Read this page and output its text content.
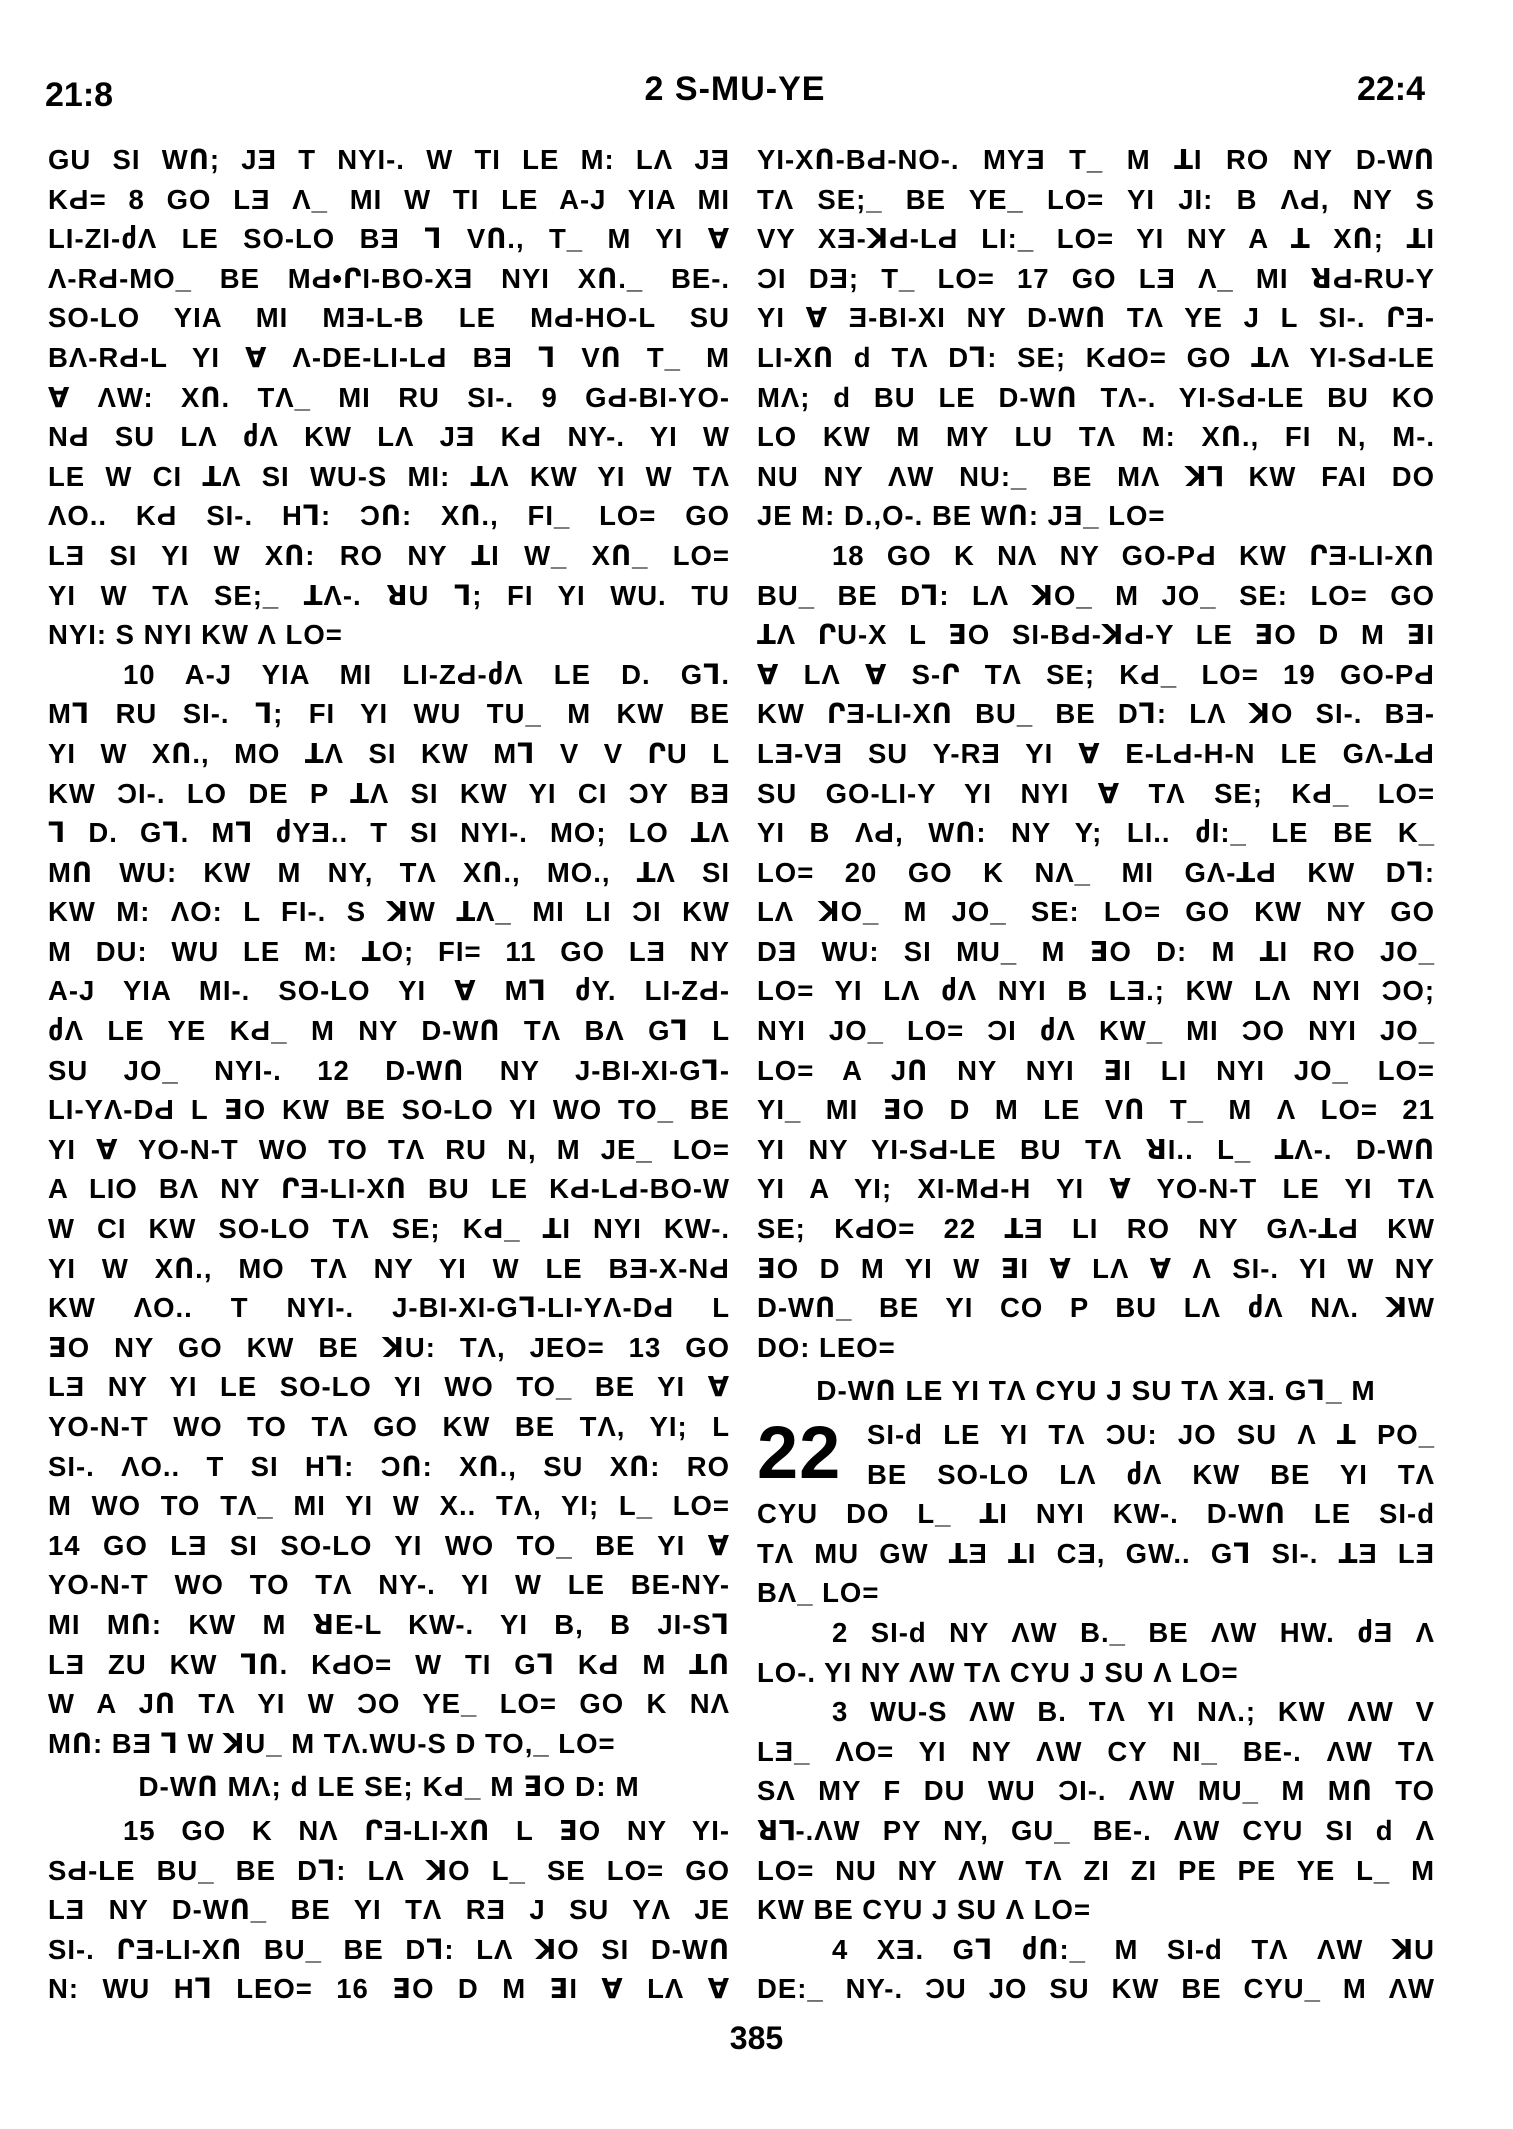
21:8	2 S-MU-YE	22:4
GU SI WՈ; JƎ T NYI-. W TI LE M: LɅ JƎ
KԀ= 8 GO LƎ Ʌ_ MI W TI LE A-J YIA MI
LI-ZI-ძɅ LE SO-LO BƎ ᒣ VՈ., T_ M YI Ɐ
Ʌ-RԀ-MO_ BE MԀ•ՐI-BO-XƎ NYI XՈ._ BE-.
SO-LO YIA MI MƎ-L-B LE MԀ-HO-L SU
BɅ-RԀ-L YI Ɐ Ʌ-DE-LI-LԀ BƎ ᒣ VՈ T_ M
Ɐ ɅW: XՈ. TɅ_ MI RU SI-. 9 GԀ-BI-YO-
NԀ SU LɅ ძɅ KW LɅ JƎ KԀ NY-. YI W
LE W CI ꓕɅ SI WU-S MI: ꓕɅ KW YI W TɅ
ɅO.. KԀ SI-. Hᒣ: ϽՈ: XՈ., FI_ LO= GO
LƎ SI YI W XՈ: RO NY ꓕI W_ XՈ_ LO=
YI W TɅ SE;_ ꓕɅ-. ꓤU ᒣ; FI YI WU. TU
NYI: S NYI KW Ʌ LO=
10 A-J YIA MI LI-ZԀ-ძɅ LE D. Gᒣ.
Mᒣ RU SI-. ᒣ; FI YI WU TU_ M KW BE
YI W XՈ., MO ꓕɅ SI KW Mᒣ V V ՐU L
KW ϽI-. LO DE P ꓕɅ SI KW YI CI ϽY BƎ
ᒣ D. Gᒣ. Mᒣ ძYƎ.. T SI NYI-. MO; LO ꓕɅ
MՈ WU: KW M NY, TɅ XՈ., MO., ꓕɅ SI
KW M: ɅO: L FI-. S ꓘW ꓕɅ_ MI LI ϽI KW
M DU: WU LE M: ꓕO; FI= 11 GO LƎ NY
A-J YIA MI-. SO-LO YI Ɐ Mᒣ ძY. LI-ZԀ-
ძɅ LE YE KԀ_ M NY D-WՈ TɅ BɅ Gᒣ L
SU JO_ NYI-. 12 D-WՈ NY J-BI-XI-Gᒣ-
LI-YɅ-DԀ L ꓱO KW BE SO-LO YI WO TO_ BE
YI Ɐ YO-N-T WO TO TɅ RU N, M JE_ LO=
A LIO BɅ NY ՐƎ-LI-XՈ BU LE KԀ-LԀ-BO-W
W CI KW SO-LO TɅ SE; KԀ_ ꓕI NYI KW-.
YI W XՈ., MO TɅ NY YI W LE BƎ-X-NԀ
KW ɅO.. T NYI-. J-BI-XI-Gᒣ-LI-YɅ-DԀ L
ꓱO NY GO KW BE ꓘU: TɅ, JEO= 13 GO
LƎ NY YI LE SO-LO YI WO TO_ BE YI Ɐ
YO-N-T WO TO TɅ GO KW BE TɅ, YI; L
SI-. ɅO.. T SI Hᒣ: ϽՈ: XՈ., SU XՈ: RO
M WO TO TɅ_ MI YI W X.. TɅ, YI; L_ LO=
14 GO LƎ SI SO-LO YI WO TO_ BE YI Ɐ
YO-N-T WO TO TɅ NY-. YI W LE BE-NY-
MI MՈ: KW M ꓤE-L KW-. YI B, B JI-Sᒣ
LƎ ZU KW ᒣՈ. KԀO= W TI Gᒣ KԀ M ꓕՈ
W A JՈ TɅ YI W ϽO YE_ LO= GO K NɅ
MՈ: BƎ ᒣ W ꓘU_ M TɅ.WU-S D TO,_ LO=
D-WՈ MɅ; ԁ LE SE; KԀ_ M ꓱO D: M
15 GO K NɅ ՐƎ-LI-XՈ L ꓱO NY YI-
SԀ-LE BU_ BE Dᒣ: LɅ ꓘO L_ SE LO= GO
LƎ NY D-WՈ_ BE YI TɅ RƎ J SU YɅ JE
SI-. ՐƎ-LI-XՈ BU_ BE Dᒣ: LɅ ꓘO SI D-WՈ
N: WU Hᒣ LEO= 16 ꓱO D M ꓱI Ɐ LɅ Ɐ
YI-XՈ-BԀ-NO-. MYƎ T_ M ꓕI RO NY D-WՈ
TɅ SE;_ BE YE_ LO= YI JI: B ɅԀ, NY S
VY XƎ-ꓘԀ-LԀ LI:_ LO= YI NY A ꓕ XՈ; ꓕI
ϽI DƎ; T_ LO= 17 GO LƎ Ʌ_ MI ꓤԀ-RU-Y
YI Ɐ Ǝ-BI-XI NY D-WՈ TɅ YE J L SI-. ՐƎ-
LI-XՈ ԁ TɅ Dᒣ: SE; KԀO= GO ꓕɅ YI-SԀ-LE
MɅ; ԁ BU LE D-WՈ TɅ-. YI-SԀ-LE BU KO
LO KW M MY LU TɅ M: XՈ., FI N, M-.
NU NY ɅW NU:_ BE MɅ ꓘꓶ KW FAI DO
JE M: D.,O-. BE WՈ: JƎ_ LO=
18 GO K NɅ NY GO-PԀ KW ՐƎ-LI-XՈ
BU_ BE Dᒣ: LɅ ꓘO_ M JO_ SE: LO= GO
ꓕɅ ՐU-X L ꓱO SI-BԀ-ꓘԀ-Y LE ꓱO D M ꓱI
Ɐ LɅ Ɐ S-Ր TɅ SE; KԀ_ LO= 19 GO-PԀ
KW ՐƎ-LI-XՈ BU_ BE Dᒣ: LɅ ꓘO SI-. BƎ-
LƎ-VƎ SU Y-RƎ YI Ɐ E-LԀ-H-N LE GɅ-ꓕԀ
SU GO-LI-Y YI NYI Ɐ TɅ SE; KԀ_ LO=
YI B ɅԀ, WՈ: NY Y; LI.. ძI:_ LE BE K_
LO= 20 GO K NɅ_ MI GɅ-ꓕԀ KW Dᒣ:
LɅ ꓘO_ M JO_ SE: LO= GO KW NY GO
DƎ WU: SI MU_ M ꓱO D: M ꓕI RO JO_
LO= YI LɅ ძɅ NYI B LƎ.; KW LɅ NYI ϽO;
NYI JO_ LO= ϽI ძɅ KW_ MI ϽO NYI JO_
LO= A JՈ NY NYI ꓱI LI NYI JO_ LO=
YI_ MI ꓱO D M LE VՈ T_ M Ʌ LO= 21
YI NY YI-SԀ-LE BU TɅ ꓤI.. L_ ꓕɅ-. D-WՈ
YI A YI; XI-MԀ-H YI Ɐ YO-N-T LE YI TɅ
SE; KԀO= 22 ꓕƎ LI RO NY GɅ-ꓕԀ KW
ꓱO D M YI W ꓱI Ɐ LɅ Ɐ Ʌ SI-. YI W NY
D-WՈ_ BE YI CO P BU LɅ ძɅ NɅ. ꓘW
DO: LEO=
D-WՈ LE YI TɅ CYU J SU TɅ XƎ. Gᒣ_ M
22 SI-ԁ LE YI TɅ ϽU: JO SU Ʌ ꓕ PO_
BE SO-LO LɅ ძɅ KW BE YI TɅ
CYU DO L_ ꓕI NYI KW-. D-WՈ LE SI-ԁ
TɅ MU GW ꓕƎ ꓕI CƎ, GW.. Gᒣ SI-. ꓕƎ LƎ
BɅ_ LO=
2 SI-ԁ NY ɅW B._ BE ɅW HW. ძƎ Ʌ
LO-. YI NY ɅW TɅ CYU J SU Ʌ LO=
3 WU-S ɅW B. TɅ YI NɅ.; KW ɅW V
LƎ_ ɅO= YI NY ɅW CY NI_ BE-. ɅW TɅ
SɅ MY F DU WU ϽI-. ɅW MU_ M MՈ TO
ꓤꓶ-.ɅW PY NY, GU_ BE-. ɅW CYU SI ԁ Ʌ
LO= NU NY ɅW TɅ ZI ZI PE PE YE L_ M
KW BE CYU J SU Ʌ LO=
4 XƎ. Gᒣ ძՈ:_ M SI-ԁ TɅ ɅW ꓘU
DE:_ NY-. ϽU JO SU KW BE CYU_ M ɅW
385
